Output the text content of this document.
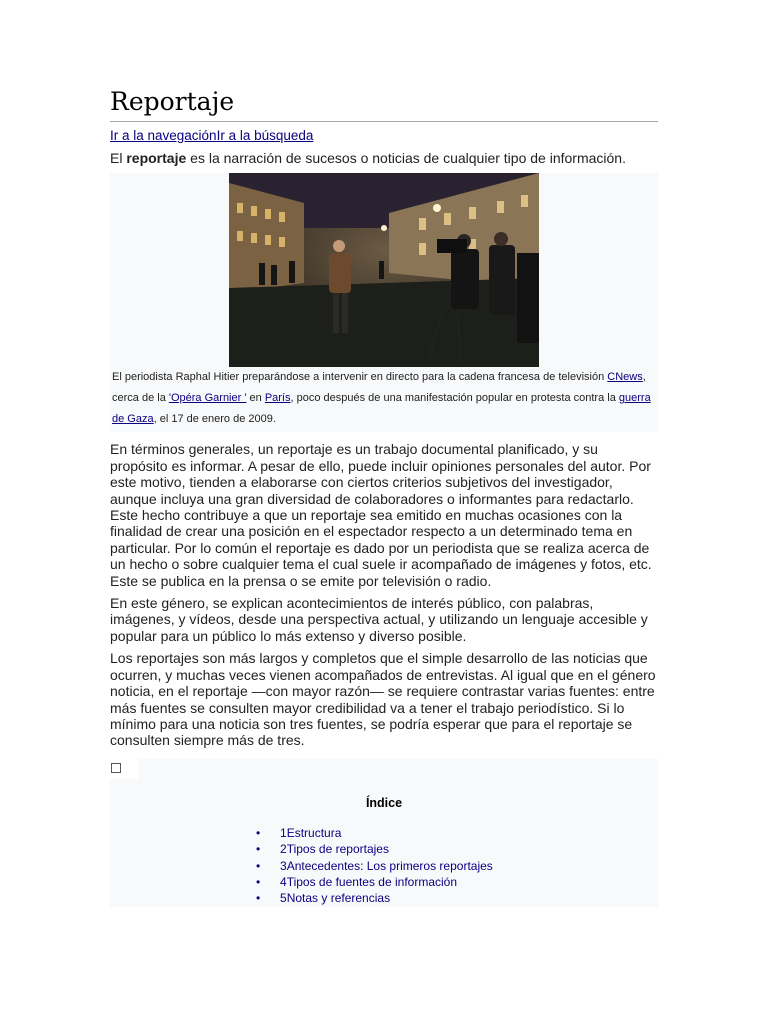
Reportaje
Ir a la navegaciónIr a la búsqueda

El reportaje es la narración de sucesos o noticias de cualquier tipo de información.

El periodista Raphal Hitier preparándose a intervenir en directo para la cadena francesa de televisión CNews, cerca de la 'Opéra Garnier ' en París, poco después de una manifestación popular en protesta contra la guerra de Gaza, el 17 de enero de 2009.

En términos generales, un reportaje es un trabajo documental planificado, y su propósito es informar. A pesar de ello, puede incluir opiniones personales del autor. Por este motivo, tienden a elaborarse con ciertos criterios subjetivos del investigador, aunque incluya una gran diversidad de colaboradores o informantes para redactarlo. Este hecho contribuye a que un reportaje sea emitido en muchas ocasiones con la finalidad de crear una posición en el espectador respecto a un determinado tema en particular. Por lo común el reportaje es dado por un periodista que se realiza acerca de un hecho o sobre cualquier tema el cual suele ir acompañado de imágenes y fotos, etc. Este se publica en la prensa o se emite por televisión o radio.

En este género, se explican acontecimientos de interés público, con palabras, imágenes, y vídeos, desde una perspectiva actual, y utilizando un lenguaje accesible y popular para un público lo más extenso y diverso posible.

Los reportajes son más largos y completos que el simple desarrollo de las noticias que ocurren, y muchas veces vienen acompañados de entrevistas. Al igual que en el género noticia, en el reportaje —con mayor razón— se requiere contrastar varias fuentes: entre más fuentes se consulten mayor credibilidad va a tener el trabajo periodístico. Si lo mínimo para una noticia son tres fuentes, se podría esperar que para el reportaje se consulten siempre más de tres.

Índice
• 1Estructura
• 2Tipos de reportajes
• 3Antecedentes: Los primeros reportajes
• 4Tipos de fuentes de información
• 5Notas y referencias
